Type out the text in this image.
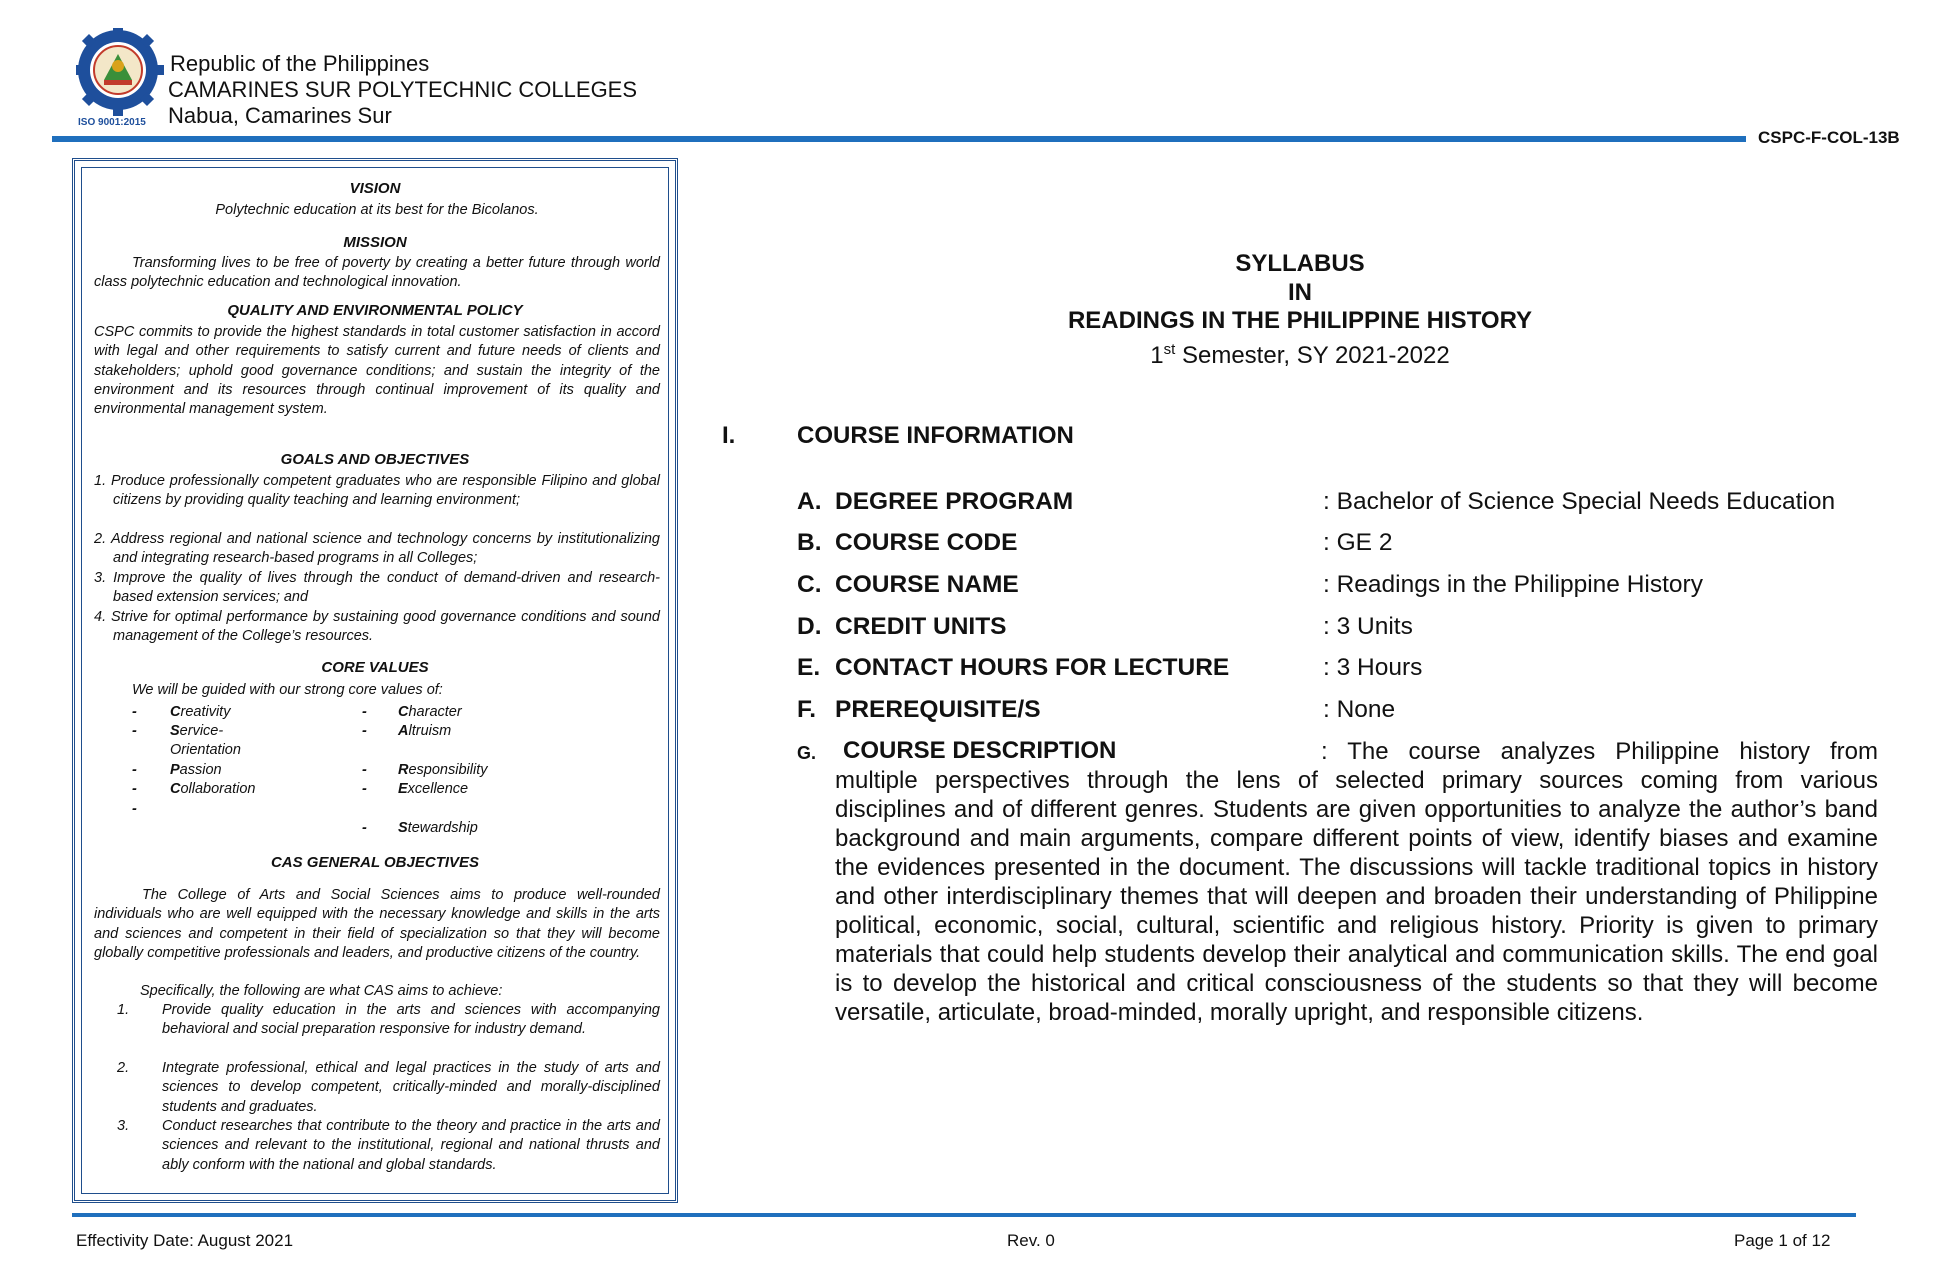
ISO 9001:2015
Republic of the Philippines
CAMARINES SUR POLYTECHNIC COLLEGES
Nabua, Camarines Sur
CSPC-F-COL-13B
VISION
Polytechnic education at its best for the Bicolanos.
MISSION
Transforming lives to be free of poverty by creating a better future through world class polytechnic education and technological innovation.
QUALITY AND ENVIRONMENTAL POLICY
CSPC commits to provide the highest standards in total customer satisfaction in accord with legal and other requirements to satisfy current and future needs of clients and stakeholders; uphold good governance conditions; and sustain the integrity of the environment and its resources through continual improvement of its quality and environmental management system.
GOALS AND OBJECTIVES
1. Produce professionally competent graduates who are responsible Filipino and global citizens by providing quality teaching and learning environment;
2. Address regional and national science and technology concerns by institutionalizing and integrating research-based programs in all Colleges;
3. Improve the quality of lives through the conduct of demand-driven and research-based extension services; and
4. Strive for optimal performance by sustaining good governance conditions and sound management of the College’s resources.
CORE VALUES
We will be guided with our strong core values of:
- Creativity
- Service-
Orientation
- Passion
- Collaboration
-
- Character
- Altruism
- Responsibility
- Excellence
- Stewardship
CAS GENERAL OBJECTIVES
The College of Arts and Social Sciences aims to produce well-rounded individuals who are well equipped with the necessary knowledge and skills in the arts and sciences and competent in their field of specialization so that they will become globally competitive professionals and leaders, and productive citizens of the country.
Specifically, the following are what CAS aims to achieve:
1. Provide quality education in the arts and sciences with accompanying behavioral and social preparation responsive for industry demand.
2. Integrate professional, ethical and legal practices in the study of arts and sciences to develop competent, critically-minded and morally-disciplined students and graduates.
3. Conduct researches that contribute to the theory and practice in the arts and sciences and relevant to the institutional, regional and national thrusts and ably conform with the national and global standards.
SYLLABUS
IN
READINGS IN THE PHILIPPINE HISTORY
1st Semester, SY 2021-2022
I.	COURSE INFORMATION
A. DEGREE PROGRAM	: Bachelor of Science Special Needs Education
B. COURSE CODE	: GE 2
C. COURSE NAME	: Readings in the Philippine History
D. CREDIT UNITS	: 3 Units
E. CONTACT HOURS FOR LECTURE	: 3 Hours
F. PREREQUISITE/S	: None
G. COURSE DESCRIPTION	: The course analyzes Philippine history from multiple perspectives through the lens of selected primary sources coming from various disciplines and of different genres. Students are given opportunities to analyze the author’s band background and main arguments, compare different points of view, identify biases and examine the evidences presented in the document. The discussions will tackle traditional topics in history and other interdisciplinary themes that will deepen and broaden their understanding of Philippine political, economic, social, cultural, scientific and religious history. Priority is given to primary materials that could help students develop their analytical and communication skills. The end goal is to develop the historical and critical consciousness of the students so that they will become versatile, articulate, broad-minded, morally upright, and responsible citizens.
Effectivity Date: August 2021	Rev. 0	Page 1 of 12
